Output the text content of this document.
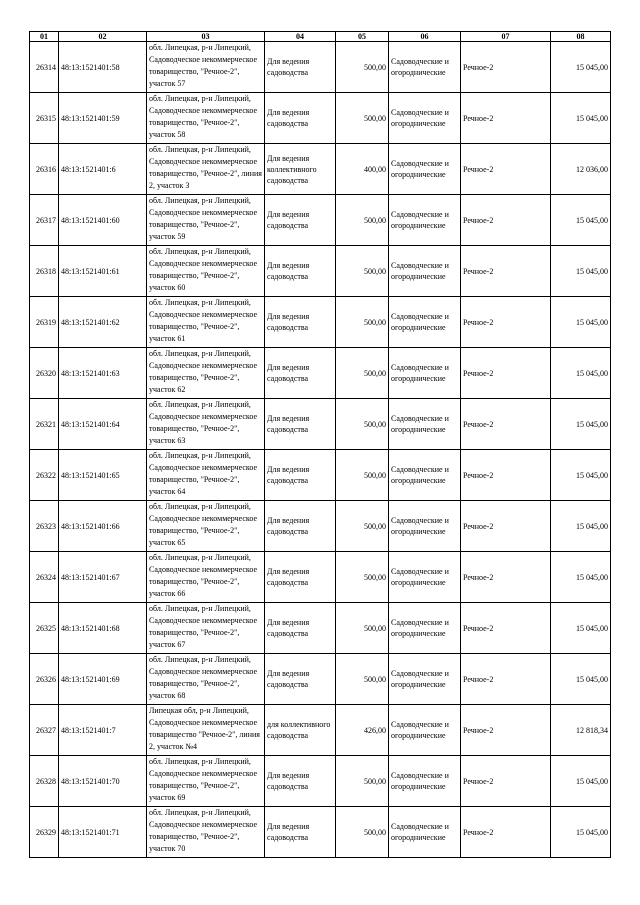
01	02	03	04	05	06	07	08
26314	48:13:1521401:58	обл. Липецкая, р-н Липецкий, Садоводческое некоммерческое товарищество, "Речное-2", участок 57	Для ведения садоводства	500,00	Садоводческие и огороднические	Речное-2	15 045,00
26315	48:13:1521401:59	обл. Липецкая, р-н Липецкий, Садоводческое некоммерческое товарищество, "Речное-2", участок 58	Для ведения садоводства	500,00	Садоводческие и огороднические	Речное-2	15 045,00
26316	48:13:1521401:6	обл. Липецкая, р-н Липецкий, Садоводческое некоммерческое товарищество, "Речное-2", линия 2, участок 3	Для ведения коллективного садоводства	400,00	Садоводческие и огороднические	Речное-2	12 036,00
26317	48:13:1521401:60	обл. Липецкая, р-н Липецкий, Садоводческое некоммерческое товарищество, "Речное-2", участок 59	Для ведения садоводства	500,00	Садоводческие и огороднические	Речное-2	15 045,00
26318	48:13:1521401:61	обл. Липецкая, р-н Липецкий, Садоводческое некоммерческое товарищество, "Речное-2", участок 60	Для ведения садоводства	500,00	Садоводческие и огороднические	Речное-2	15 045,00
26319	48:13:1521401:62	обл. Липецкая, р-н Липецкий, Садоводческое некоммерческое товарищество, "Речное-2", участок 61	Для ведения садоводства	500,00	Садоводческие и огороднические	Речное-2	15 045,00
26320	48:13:1521401:63	обл. Липецкая, р-н Липецкий, Садоводческое некоммерческое товарищество, "Речное-2", участок 62	Для ведения садоводства	500,00	Садоводческие и огороднические	Речное-2	15 045,00
26321	48:13:1521401:64	обл. Липецкая, р-н Липецкий, Садоводческое некоммерческое товарищество, "Речное-2", участок 63	Для ведения садоводства	500,00	Садоводческие и огороднические	Речное-2	15 045,00
26322	48:13:1521401:65	обл. Липецкая, р-н Липецкий, Садоводческое некоммерческое товарищество, "Речное-2", участок 64	Для ведения садоводства	500,00	Садоводческие и огороднические	Речное-2	15 045,00
26323	48:13:1521401:66	обл. Липецкая, р-н Липецкий, Садоводческое некоммерческое товарищество, "Речное-2", участок 65	Для ведения садоводства	500,00	Садоводческие и огороднические	Речное-2	15 045,00
26324	48:13:1521401:67	обл. Липецкая, р-н Липецкий, Садоводческое некоммерческое товарищество, "Речное-2", участок 66	Для ведения садоводства	500,00	Садоводческие и огороднические	Речное-2	15 045,00
26325	48:13:1521401:68	обл. Липецкая, р-н Липецкий, Садоводческое некоммерческое товарищество, "Речное-2", участок 67	Для ведения садоводства	500,00	Садоводческие и огороднические	Речное-2	15 045,00
26326	48:13:1521401:69	обл. Липецкая, р-н Липецкий, Садоводческое некоммерческое товарищество, "Речное-2", участок 68	Для ведения садоводства	500,00	Садоводческие и огороднические	Речное-2	15 045,00
26327	48:13:1521401:7	Липецкая обл, р-н Липецкий, Садоводческое некоммерческое товарищество "Речное-2", линия 2, участок №4	для коллективного садоводства	426,00	Садоводческие и огороднические	Речное-2	12 818,34
26328	48:13:1521401:70	обл. Липецкая, р-н Липецкий, Садоводческое некоммерческое товарищество, "Речное-2", участок 69	Для ведения садоводства	500,00	Садоводческие и огороднические	Речное-2	15 045,00
26329	48:13:1521401:71	обл. Липецкая, р-н Липецкий, Садоводческое некоммерческое товарищество, "Речное-2", участок 70	Для ведения садоводства	500,00	Садоводческие и огороднические	Речное-2	15 045,00
